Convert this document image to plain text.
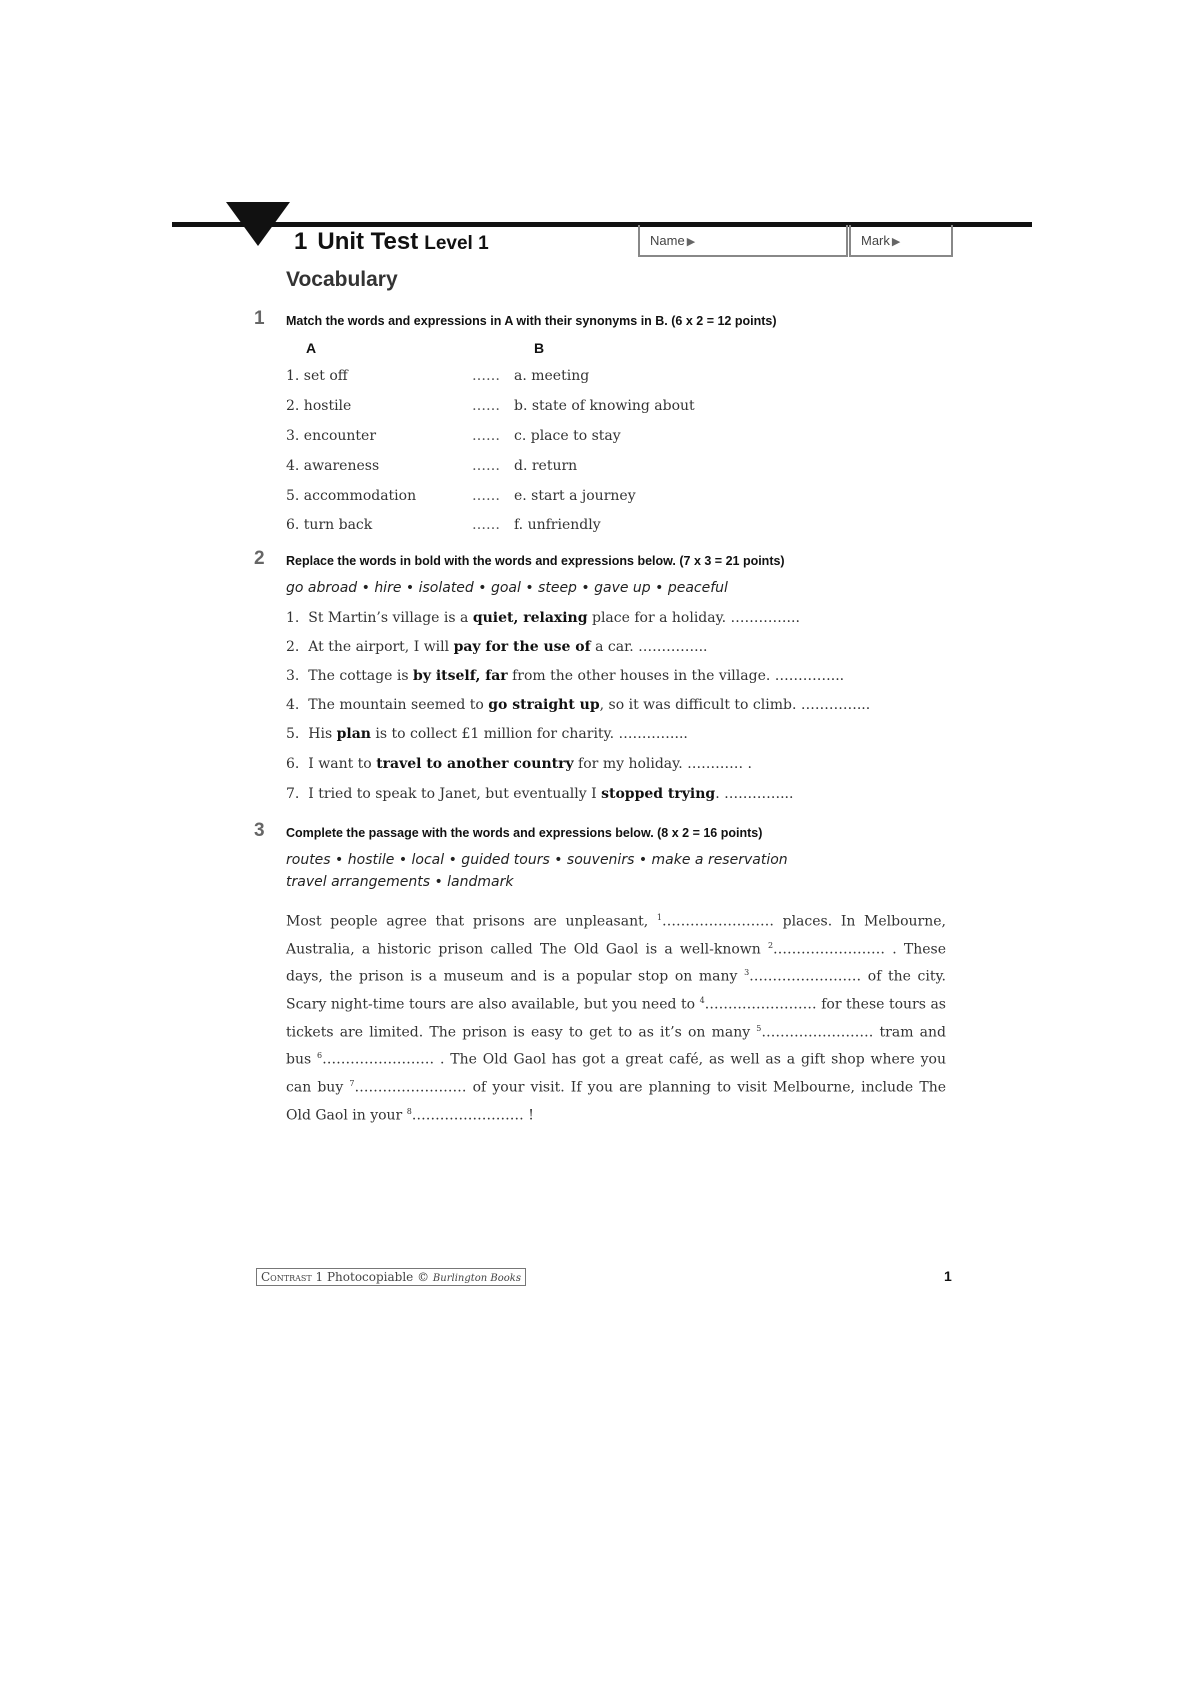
1 Unit Test Level 1	Name ▶	Mark ▶
Vocabulary
1 Match the words and expressions in A with their synonyms in B. (6 x 2 = 12 points)
A	B
1. set off	…… a. meeting
2. hostile	…… b. state of knowing about
3. encounter	…… c. place to stay
4. awareness	…… d. return
5. accommodation	…… e. start a journey
6. turn back	…… f. unfriendly
2 Replace the words in bold with the words and expressions below. (7 x 3 = 21 points)
go abroad • hire • isolated • goal • steep • gave up • peaceful
1. St Martin’s village is a quiet, relaxing place for a holiday. …………...
2. At the airport, I will pay for the use of a car. …………...
3. The cottage is by itself, far from the other houses in the village. …………...
4. The mountain seemed to go straight up, so it was difficult to climb. …………...
5. His plan is to collect £1 million for charity. …………...
6. I want to travel to another country for my holiday. ………… .
7. I tried to speak to Janet, but eventually I stopped trying. …………...
3 Complete the passage with the words and expressions below. (8 x 2 = 16 points)
routes • hostile • local • guided tours • souvenirs • make a reservation
travel arrangements • landmark
Most people agree that prisons are unpleasant, $^1$…………………… places. In Melbourne, Australia, a historic prison called The Old Gaol is a well-known $^2$…………………… . These days, the prison is a museum and is a popular stop on many $^3$…………………… of the city. Scary night-time tours are also available, but you need to $^4$…………………… for these tours as tickets are limited. The prison is easy to get to as it’s on many $^5$…………………… tram and bus $^6$…………………… . The Old Gaol has got a great café, as well as a gift shop where you can buy $^7$…………………… of your visit. If you are planning to visit Melbourne, include The Old Gaol in your $^8$…………………… !
Contrast 1 Photocopiable © Burlington Books	1
